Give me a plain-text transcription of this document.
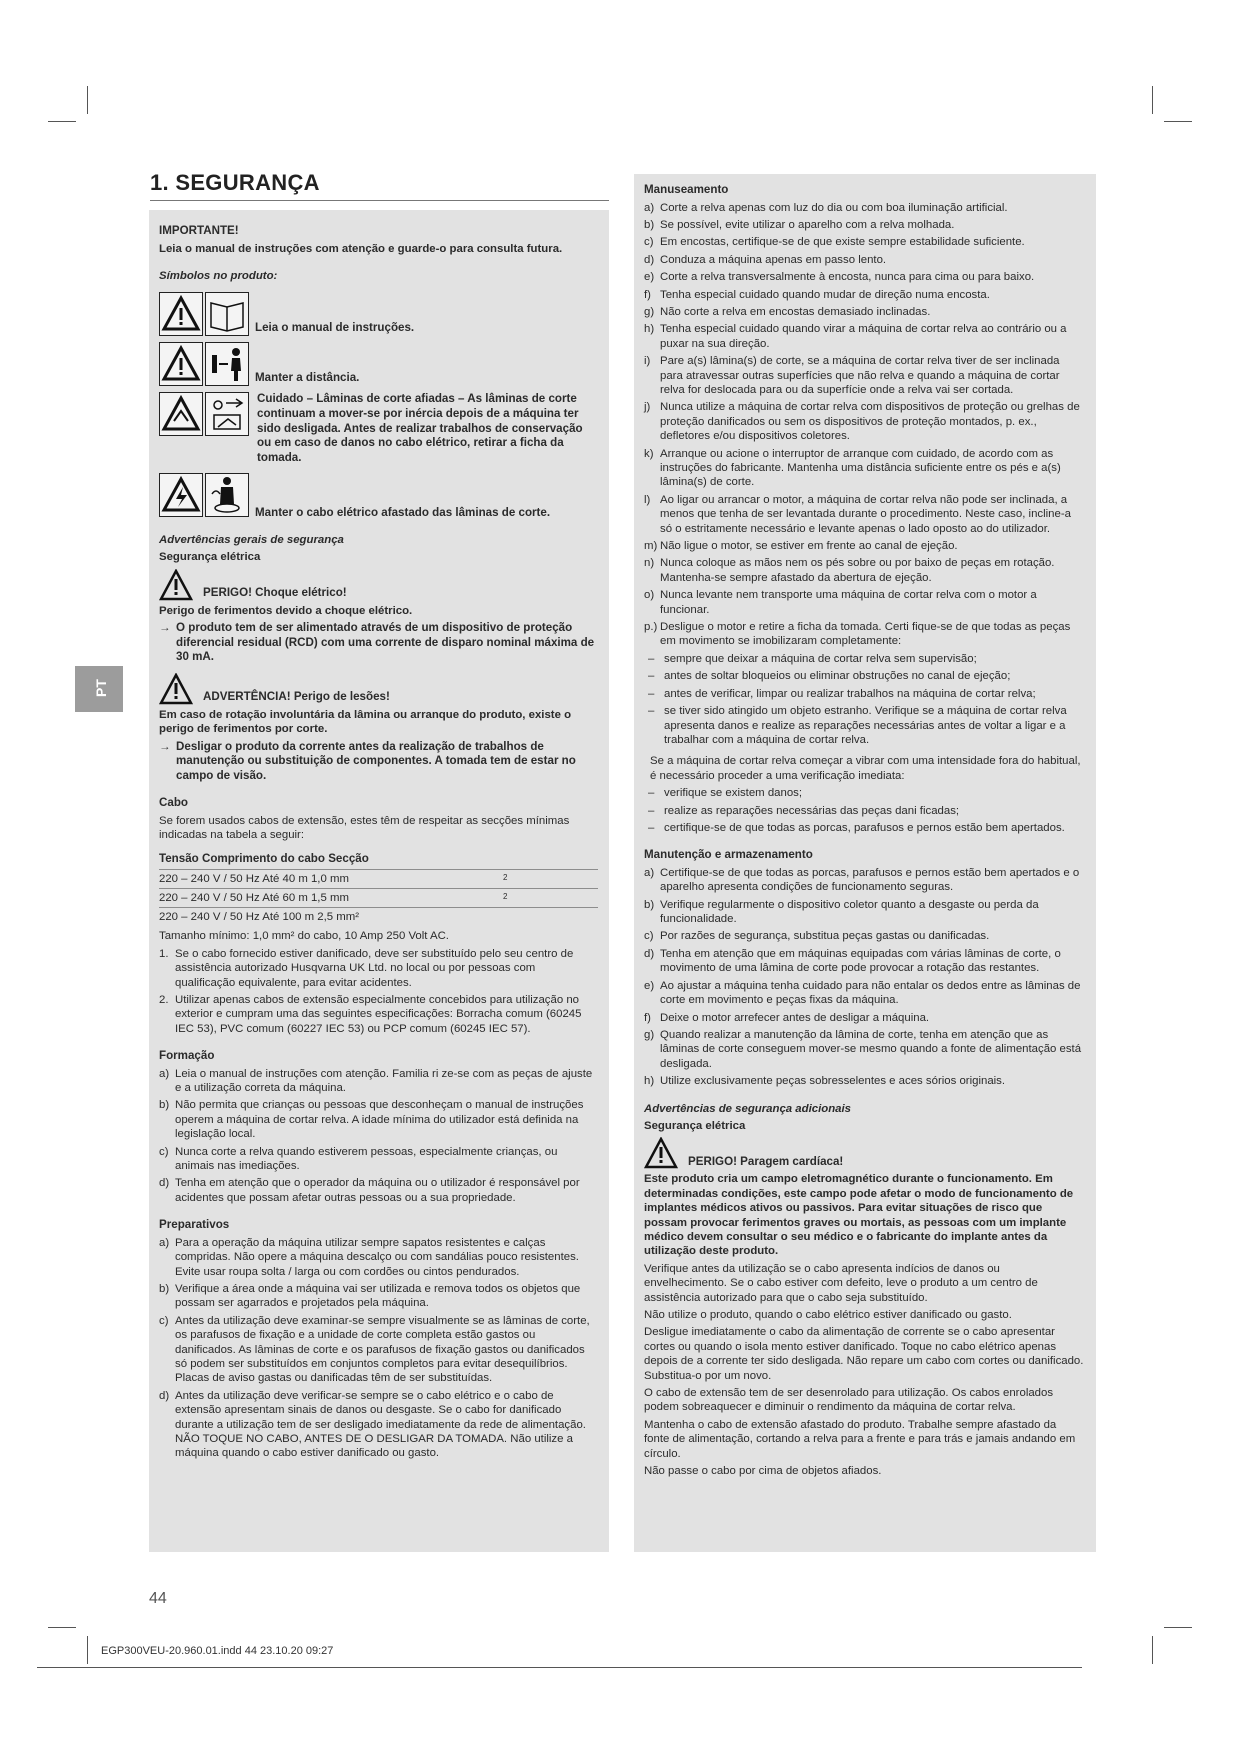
1. SEGURANÇA
PT
IMPORTANTE!
Leia o manual de instruções com atenção e guarde-o para consulta futura.
Símbolos no produto:
Leia o manual de instruções.
Manter a distância.
Cuidado – Lâminas de corte afiadas – As lâminas de corte continuam a mover-se por inércia depois de a máquina ter sido desligada. Antes de realizar trabalhos de conservação ou em caso de danos no cabo elétrico, retirar a ficha da tomada.
Manter o cabo elétrico afastado das lâminas de corte.
Advertências gerais de segurança
Segurança elétrica
PERIGO! Choque elétrico!
Perigo de ferimentos devido a choque elétrico.
→ O produto tem de ser alimentado através de um dispositivo de proteção diferencial residual (RCD) com uma corrente de disparo nominal máxima de 30 mA.
ADVERTÊNCIA! Perigo de lesões!
Em caso de rotação involuntária da lâmina ou arranque do produto, existe o perigo de ferimentos por corte.
→ Desligar o produto da corrente antes da realização de trabalhos de manutenção ou substituição de componentes. A tomada tem de estar no campo de visão.
Cabo
Se forem usados cabos de extensão, estes têm de respeitar as secções mínimas indicadas na tabela a seguir:
Tensão Comprimento do cabo Secção
220 – 240 V / 50 Hz Até 40 m 1,0 mm	2
220 – 240 V / 50 Hz Até 60 m 1,5 mm	2
220 – 240 V / 50 Hz Até 100 m 2,5 mm²	
Tamanho mínimo: 1,0 mm² do cabo, 10 Amp 250 Volt AC.
1. Se o cabo fornecido estiver danificado, deve ser substituído pelo seu centro de assistência autorizado Husqvarna UK Ltd. no local ou por pessoas com qualificação equivalente, para evitar acidentes.
2. Utilizar apenas cabos de extensão especialmente concebidos para utilização no exterior e cumpram uma das seguintes especificações: Borracha comum (60245 IEC 53), PVC comum (60227 IEC 53) ou PCP comum (60245 IEC 57).
Formação
a) Leia o manual de instruções com atenção. Familia ri ze-se com as peças de ajuste e a utilização correta da máquina.
b) Não permita que crianças ou pessoas que desconheçam o manual de instruções operem a máquina de cortar relva. A idade mínima do utilizador está definida na legislação local.
c) Nunca corte a relva quando estiverem pessoas, especialmente crianças, ou animais nas imediações.
d) Tenha em atenção que o operador da máquina ou o utilizador é responsável por acidentes que possam afetar outras pessoas ou a sua propriedade.
Preparativos
a) Para a operação da máquina utilizar sempre sapatos resistentes e calças compridas. Não opere a máquina descalço ou com sandálias pouco resistentes. Evite usar roupa solta / larga ou com cordões ou cintos pendurados.
b) Verifique a área onde a máquina vai ser utilizada e remova todos os objetos que possam ser agarrados e projetados pela máquina.
c) Antes da utilização deve examinar-se sempre visualmente se as lâminas de corte, os parafusos de fixação e a unidade de corte completa estão gastos ou danificados. As lâminas de corte e os parafusos de fixação gastos ou danificados só podem ser substituídos em conjuntos completos para evitar desequilíbrios. Placas de aviso gastas ou danificadas têm de ser substituídas.
d) Antes da utilização deve verificar-se sempre se o cabo elétrico e o cabo de extensão apresentam sinais de danos ou desgaste. Se o cabo for danificado durante a utilização tem de ser desligado imediatamente da rede de alimentação. NÃO TOQUE NO CABO, ANTES DE O DESLIGAR DA TOMADA. Não utilize a máquina quando o cabo estiver danificado ou gasto.
Manuseamento
a) Corte a relva apenas com luz do dia ou com boa iluminação artificial.
b) Se possível, evite utilizar o aparelho com a relva molhada.
c) Em encostas, certifique-se de que existe sempre estabilidade suficiente.
d) Conduza a máquina apenas em passo lento.
e) Corte a relva transversalmente à encosta, nunca para cima ou para baixo.
f) Tenha especial cuidado quando mudar de direção numa encosta.
g) Não corte a relva em encostas demasiado inclinadas.
h) Tenha especial cuidado quando virar a máquina de cortar relva ao contrário ou a puxar na sua direção.
i) Pare a(s) lâmina(s) de corte, se a máquina de cortar relva tiver de ser inclinada para atravessar outras superfícies que não relva e quando a máquina de cortar relva for deslocada para ou da superfície onde a relva vai ser cortada.
j) Nunca utilize a máquina de cortar relva com dispositivos de proteção ou grelhas de proteção danificados ou sem os dispositivos de proteção montados, p. ex., defletores e/ou dispositivos coletores.
k) Arranque ou acione o interruptor de arranque com cuidado, de acordo com as instruções do fabricante. Mantenha uma distância suficiente entre os pés e a(s) lâmina(s) de corte.
l) Ao ligar ou arrancar o motor, a máquina de cortar relva não pode ser inclinada, a menos que tenha de ser levantada durante o procedimento. Neste caso, incline-a só o estritamente necessário e levante apenas o lado oposto ao do utilizador.
m) Não ligue o motor, se estiver em frente ao canal de ejeção.
n) Nunca coloque as mãos nem os pés sobre ou por baixo de peças em rotação. Mantenha-se sempre afastado da abertura de ejeção.
o) Nunca levante nem transporte uma máquina de cortar relva com o motor a funcionar.
p.) Desligue o motor e retire a ficha da tomada. Certi fique-se de que todas as peças em movimento se imobilizaram completamente:
– sempre que deixar a máquina de cortar relva sem supervisão;
– antes de soltar bloqueios ou eliminar obstruções no canal de ejeção;
– antes de verificar, limpar ou realizar trabalhos na máquina de cortar relva;
– se tiver sido atingido um objeto estranho. Verifique se a máquina de cortar relva apresenta danos e realize as reparações necessárias antes de voltar a ligar e a trabalhar com a máquina de cortar relva.
Se a máquina de cortar relva começar a vibrar com uma intensidade fora do habitual, é necessário proceder a uma verificação imediata:
– verifique se existem danos;
– realize as reparações necessárias das peças dani ficadas;
– certifique-se de que todas as porcas, parafusos e pernos estão bem apertados.
Manutenção e armazenamento
a) Certifique-se de que todas as porcas, parafusos e pernos estão bem apertados e o aparelho apresenta condições de funcionamento seguras.
b) Verifique regularmente o dispositivo coletor quanto a desgaste ou perda da funcionalidade.
c) Por razões de segurança, substitua peças gastas ou danificadas.
d) Tenha em atenção que em máquinas equipadas com várias lâminas de corte, o movimento de uma lâmina de corte pode provocar a rotação das restantes.
e) Ao ajustar a máquina tenha cuidado para não entalar os dedos entre as lâminas de corte em movimento e peças fixas da máquina.
f) Deixe o motor arrefecer antes de desligar a máquina.
g) Quando realizar a manutenção da lâmina de corte, tenha em atenção que as lâminas de corte conseguem mover-se mesmo quando a fonte de alimentação está desligada.
h) Utilize exclusivamente peças sobresselentes e aces sórios originais.
Advertências de segurança adicionais
Segurança elétrica
PERIGO! Paragem cardíaca!
Este produto cria um campo eletromagnético durante o funcionamento. Em determinadas condições, este campo pode afetar o modo de funcionamento de implantes médicos ativos ou passivos. Para evitar situações de risco que possam provocar ferimentos graves ou mortais, as pessoas com um implante médico devem consultar o seu médico e o fabricante do implante antes da utilização deste produto.
Verifique antes da utilização se o cabo apresenta indícios de danos ou envelhecimento. Se o cabo estiver com defeito, leve o produto a um centro de assistência autorizado para que o cabo seja substituído.
Não utilize o produto, quando o cabo elétrico estiver danificado ou gasto.
Desligue imediatamente o cabo da alimentação de corrente se o cabo apresentar cortes ou quando o isola mento estiver danificado. Toque no cabo elétrico apenas depois de a corrente ter sido desligada. Não repare um cabo com cortes ou danificado. Substitua-o por um novo.
O cabo de extensão tem de ser desenrolado para utilização. Os cabos enrolados podem sobreaquecer e diminuir o rendimento da máquina de cortar relva.
Mantenha o cabo de extensão afastado do produto. Trabalhe sempre afastado da fonte de alimentação, cortando a relva para a frente e para trás e jamais andando em círculo.
Não passe o cabo por cima de objetos afiados.
44
EGP300VEU-20.960.01.indd 44 23.10.20 09:27
